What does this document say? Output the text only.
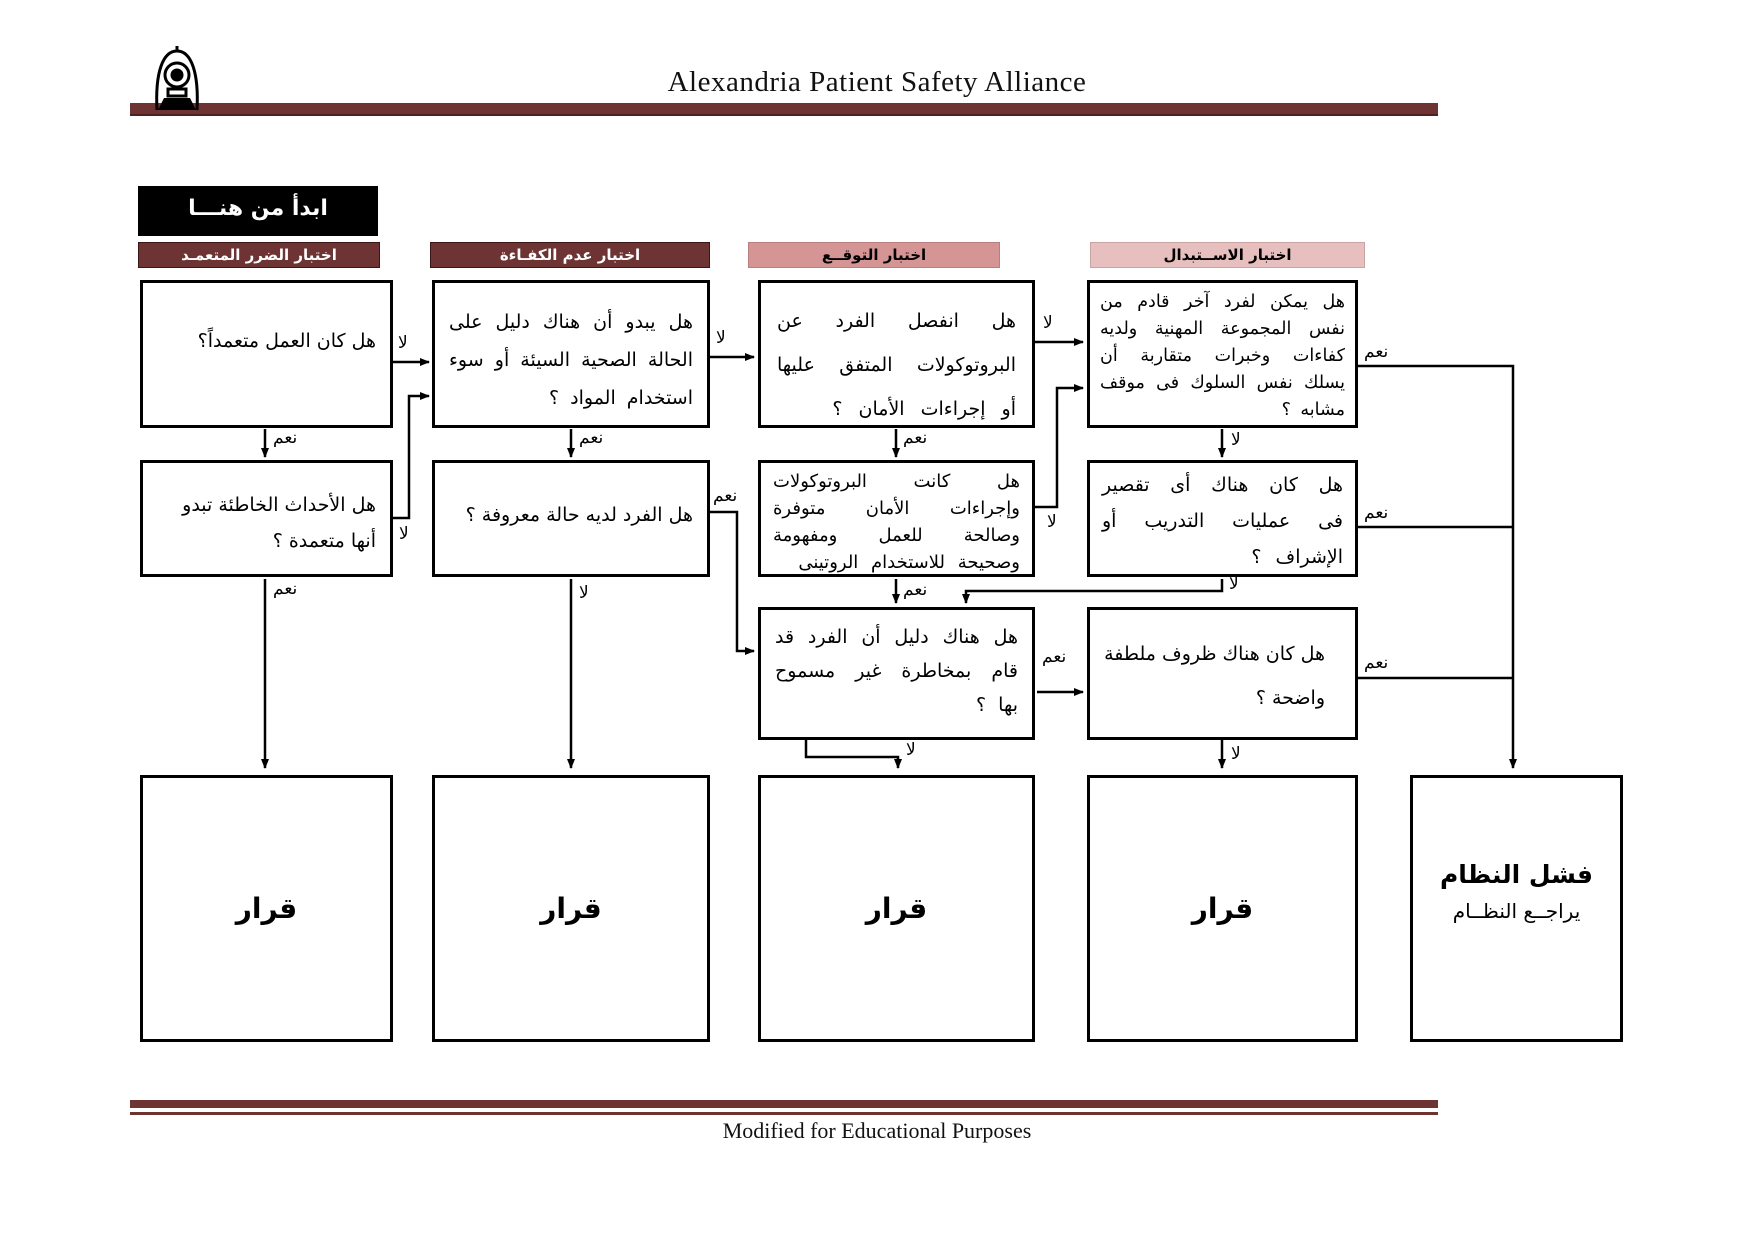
Alexandria Patient Safety Alliance
ابدأ من هنـــا
اختبار الضرر المتعمـد	اختبار عدم الكفـاءة	اختبار التوقــع	اختبار الاســتبدال
هل كان العمل متعمداً؟
هل يبدو أن هناك دليل على الحالة الصحية السيئة أو سوء استخدام المواد ؟
هل انفصل الفرد عن البروتوكولات المتفق عليها أو إجراءات الأمان ؟
هل يمكن لفرد آخر قادم من نفس المجموعة المهنية ولديه كفاءات وخبرات متقاربة أن يسلك نفس السلوك فى موقف مشابه ؟
هل الأحداث الخاطئة تبدو أنها متعمدة ؟
هل الفرد لديه حالة معروفة ؟
هل كانت البروتوكولات وإجراءات الأمان متوفرة وصالحة للعمل ومفهومة وصحيحة للاستخدام الروتينى
هل كان هناك أى تقصير فى عمليات التدريب أو الإشراف ؟
هل هناك دليل أن الفرد قد قام بمخاطرة غير مسموح بها ؟
هل كان هناك ظروف ملطفة واضحة ؟
قرار	قرار	قرار	قرار
فشل النظام
يراجــع النظــام
لا
نعم
لا
نعم
لا
نعم
لا
نعم
لا
نعم
لا
نعم
نعم
لا
لا
نعم
نعم
لا
نعم
لا
Modified for Educational Purposes
